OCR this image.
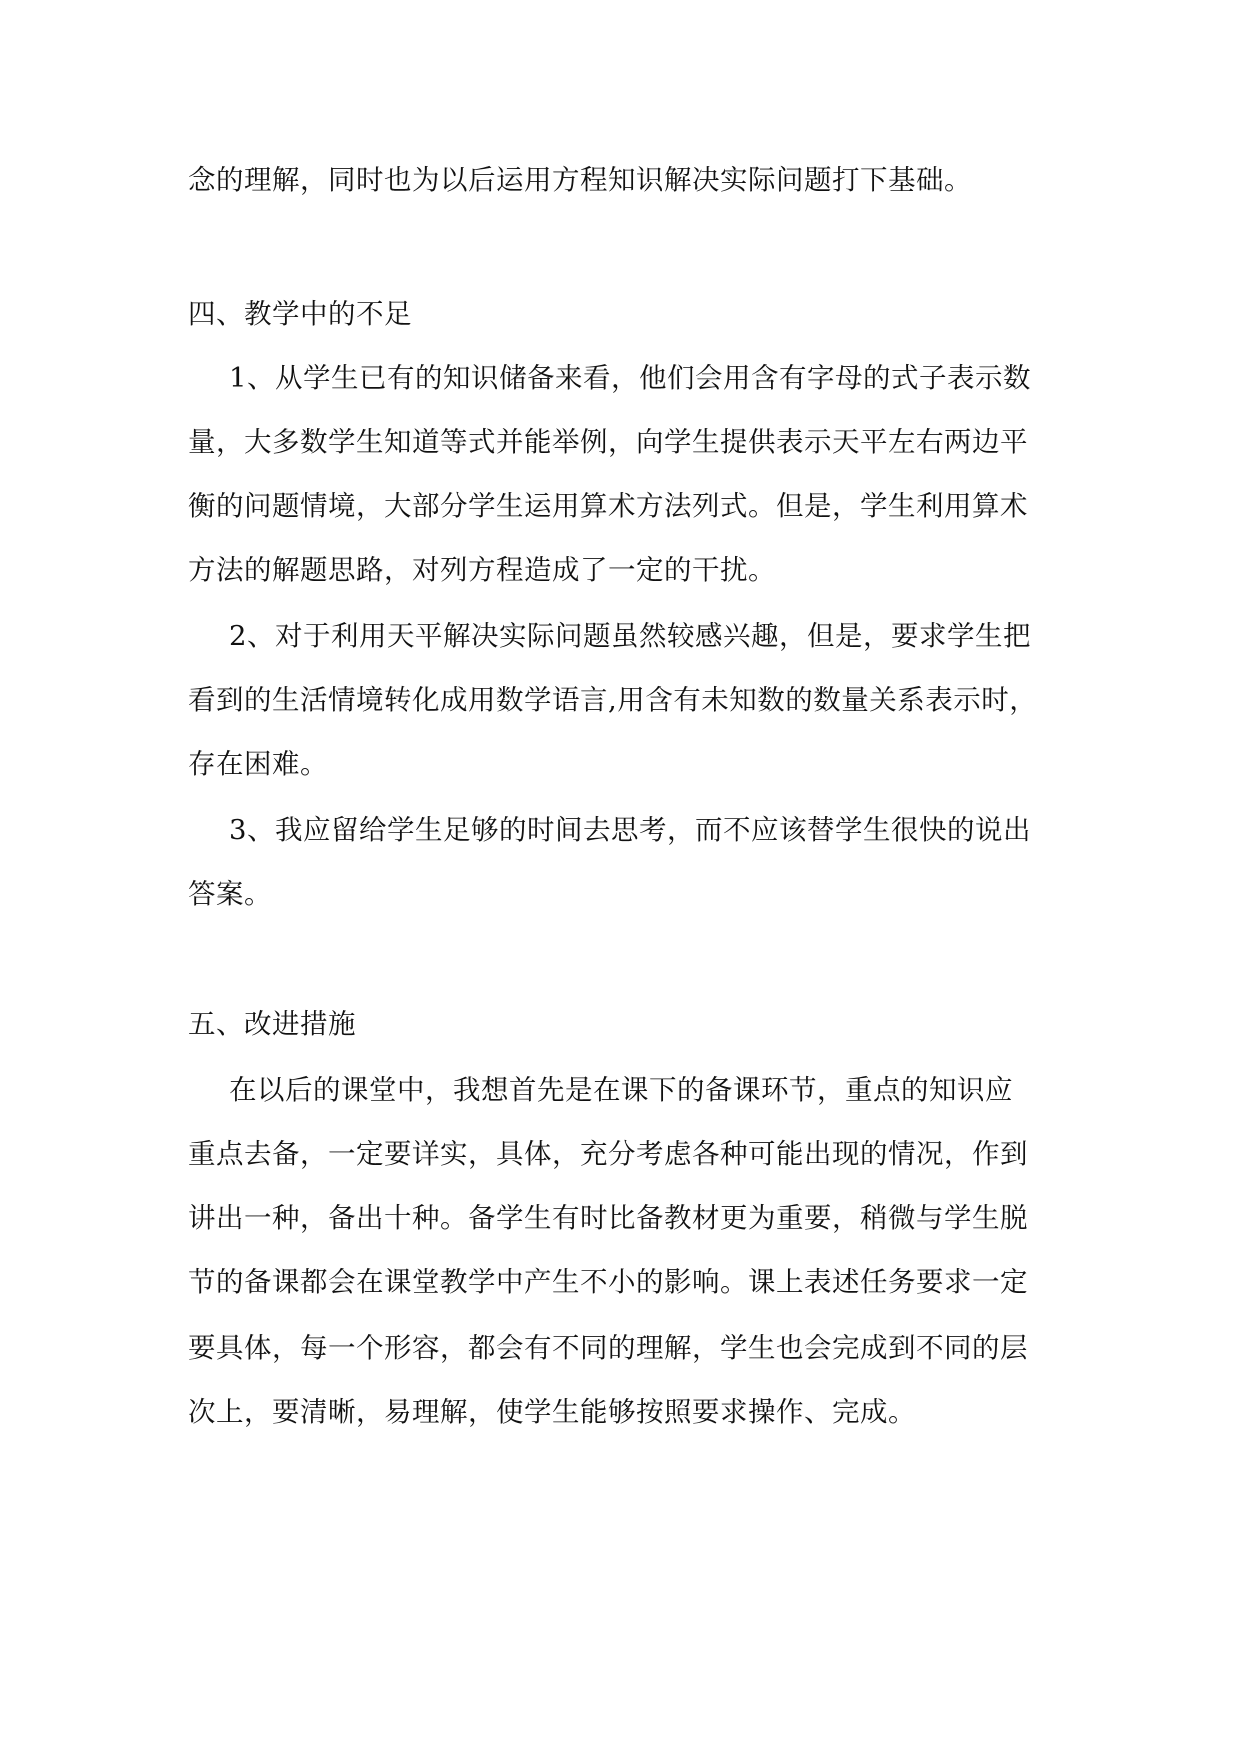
念的理解，同时也为以后运用方程知识解决实际问题打下基础。
四、教学中的不足
1、从学生已有的知识储备来看，他们会用含有字母的式子表示数
量，大多数学生知道等式并能举例，向学生提供表示天平左右两边平
衡的问题情境，大部分学生运用算术方法列式。但是，学生利用算术
方法的解题思路，对列方程造成了一定的干扰。
2、对于利用天平解决实际问题虽然较感兴趣，但是，要求学生把
看到的生活情境转化成用数学语言,用含有未知数的数量关系表示时，
存在困难。
3、我应留给学生足够的时间去思考，而不应该替学生很快的说出
答案。
五、改进措施
在以后的课堂中，我想首先是在课下的备课环节，重点的知识应
重点去备，一定要详实，具体，充分考虑各种可能出现的情况，作到
讲出一种，备出十种。备学生有时比备教材更为重要，稍微与学生脱
节的备课都会在课堂教学中产生不小的影响。课上表述任务要求一定
要具体，每一个形容，都会有不同的理解，学生也会完成到不同的层
次上，要清晰，易理解，使学生能够按照要求操作、完成。
